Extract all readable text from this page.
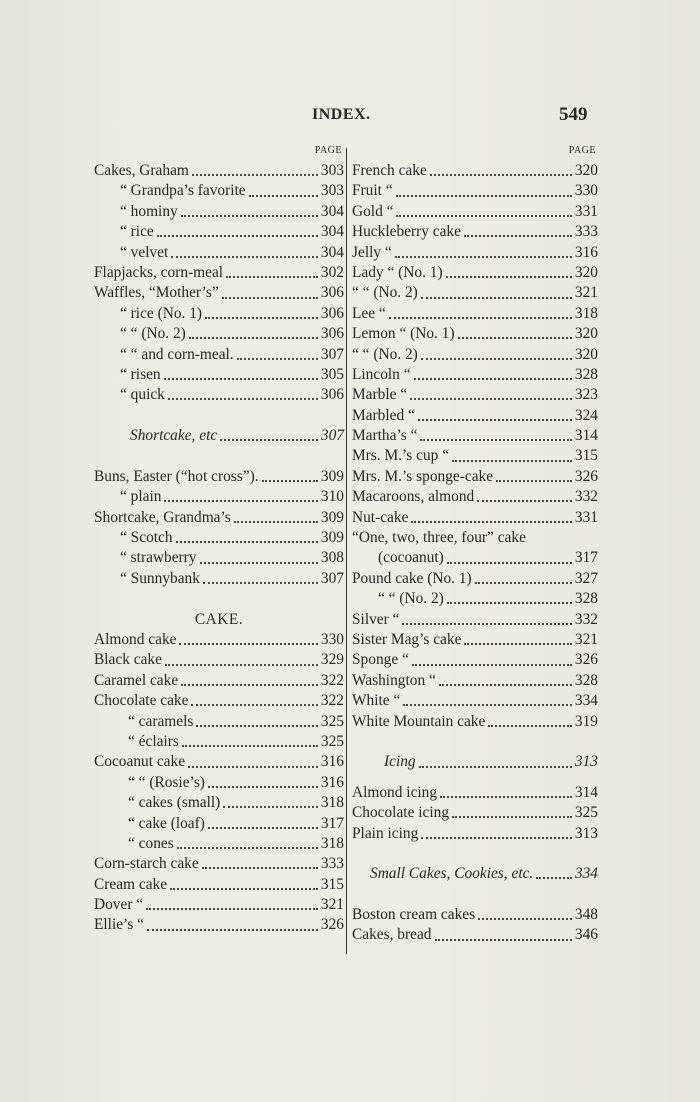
INDEX.	549
PAGE
Cakes, Graham	303
“ Grandpa’s favorite	303
“ hominy	304
“ rice	304
“ velvet	304
Flapjacks, corn-meal	302
Waffles, “Mother’s”	306
“ rice (No. 1)	306
“ “ (No. 2)	306
“ “ and corn-meal.	307
“ risen	305
“ quick	306
Shortcake, etc	307
Buns, Easter (“hot cross”).	309
“ plain	310
Shortcake, Grandma’s	309
“ Scotch	309
“ strawberry	308
“ Sunnybank	307
CAKE.
Almond cake	330
Black cake	329
Caramel cake	322
Chocolate cake	322
“ caramels	325
“ éclairs	325
Cocoanut cake	316
“ “ (Rosie’s)	316
“ cakes (small)	318
“ cake (loaf)	317
“ cones	318
Corn-starch cake	333
Cream cake	315
Dover “	321
Ellie’s “	326
PAGE
French cake	320
Fruit “	330
Gold “	331
Huckleberry cake	333
Jelly “	316
Lady “ (No. 1)	320
“ “ (No. 2)	321
Lee “	318
Lemon “ (No. 1)	320
“ “ (No. 2)	320
Lincoln “	328
Marble “	323
Marbled “	324
Martha’s “	314
Mrs. M.’s cup “	315
Mrs. M.’s sponge-cake	326
Macaroons, almond	332
Nut-cake	331
“One, two, three, four” cake
(cocoanut)	317
Pound cake (No. 1)	327
“ “ (No. 2)	328
Silver “	332
Sister Mag’s cake	321
Sponge “	326
Washington “	328
White “	334
White Mountain cake	319
Icing	313
Almond icing	314
Chocolate icing	325
Plain icing	313
Small Cakes, Cookies, etc.	334
Boston cream cakes	348
Cakes, bread	346
